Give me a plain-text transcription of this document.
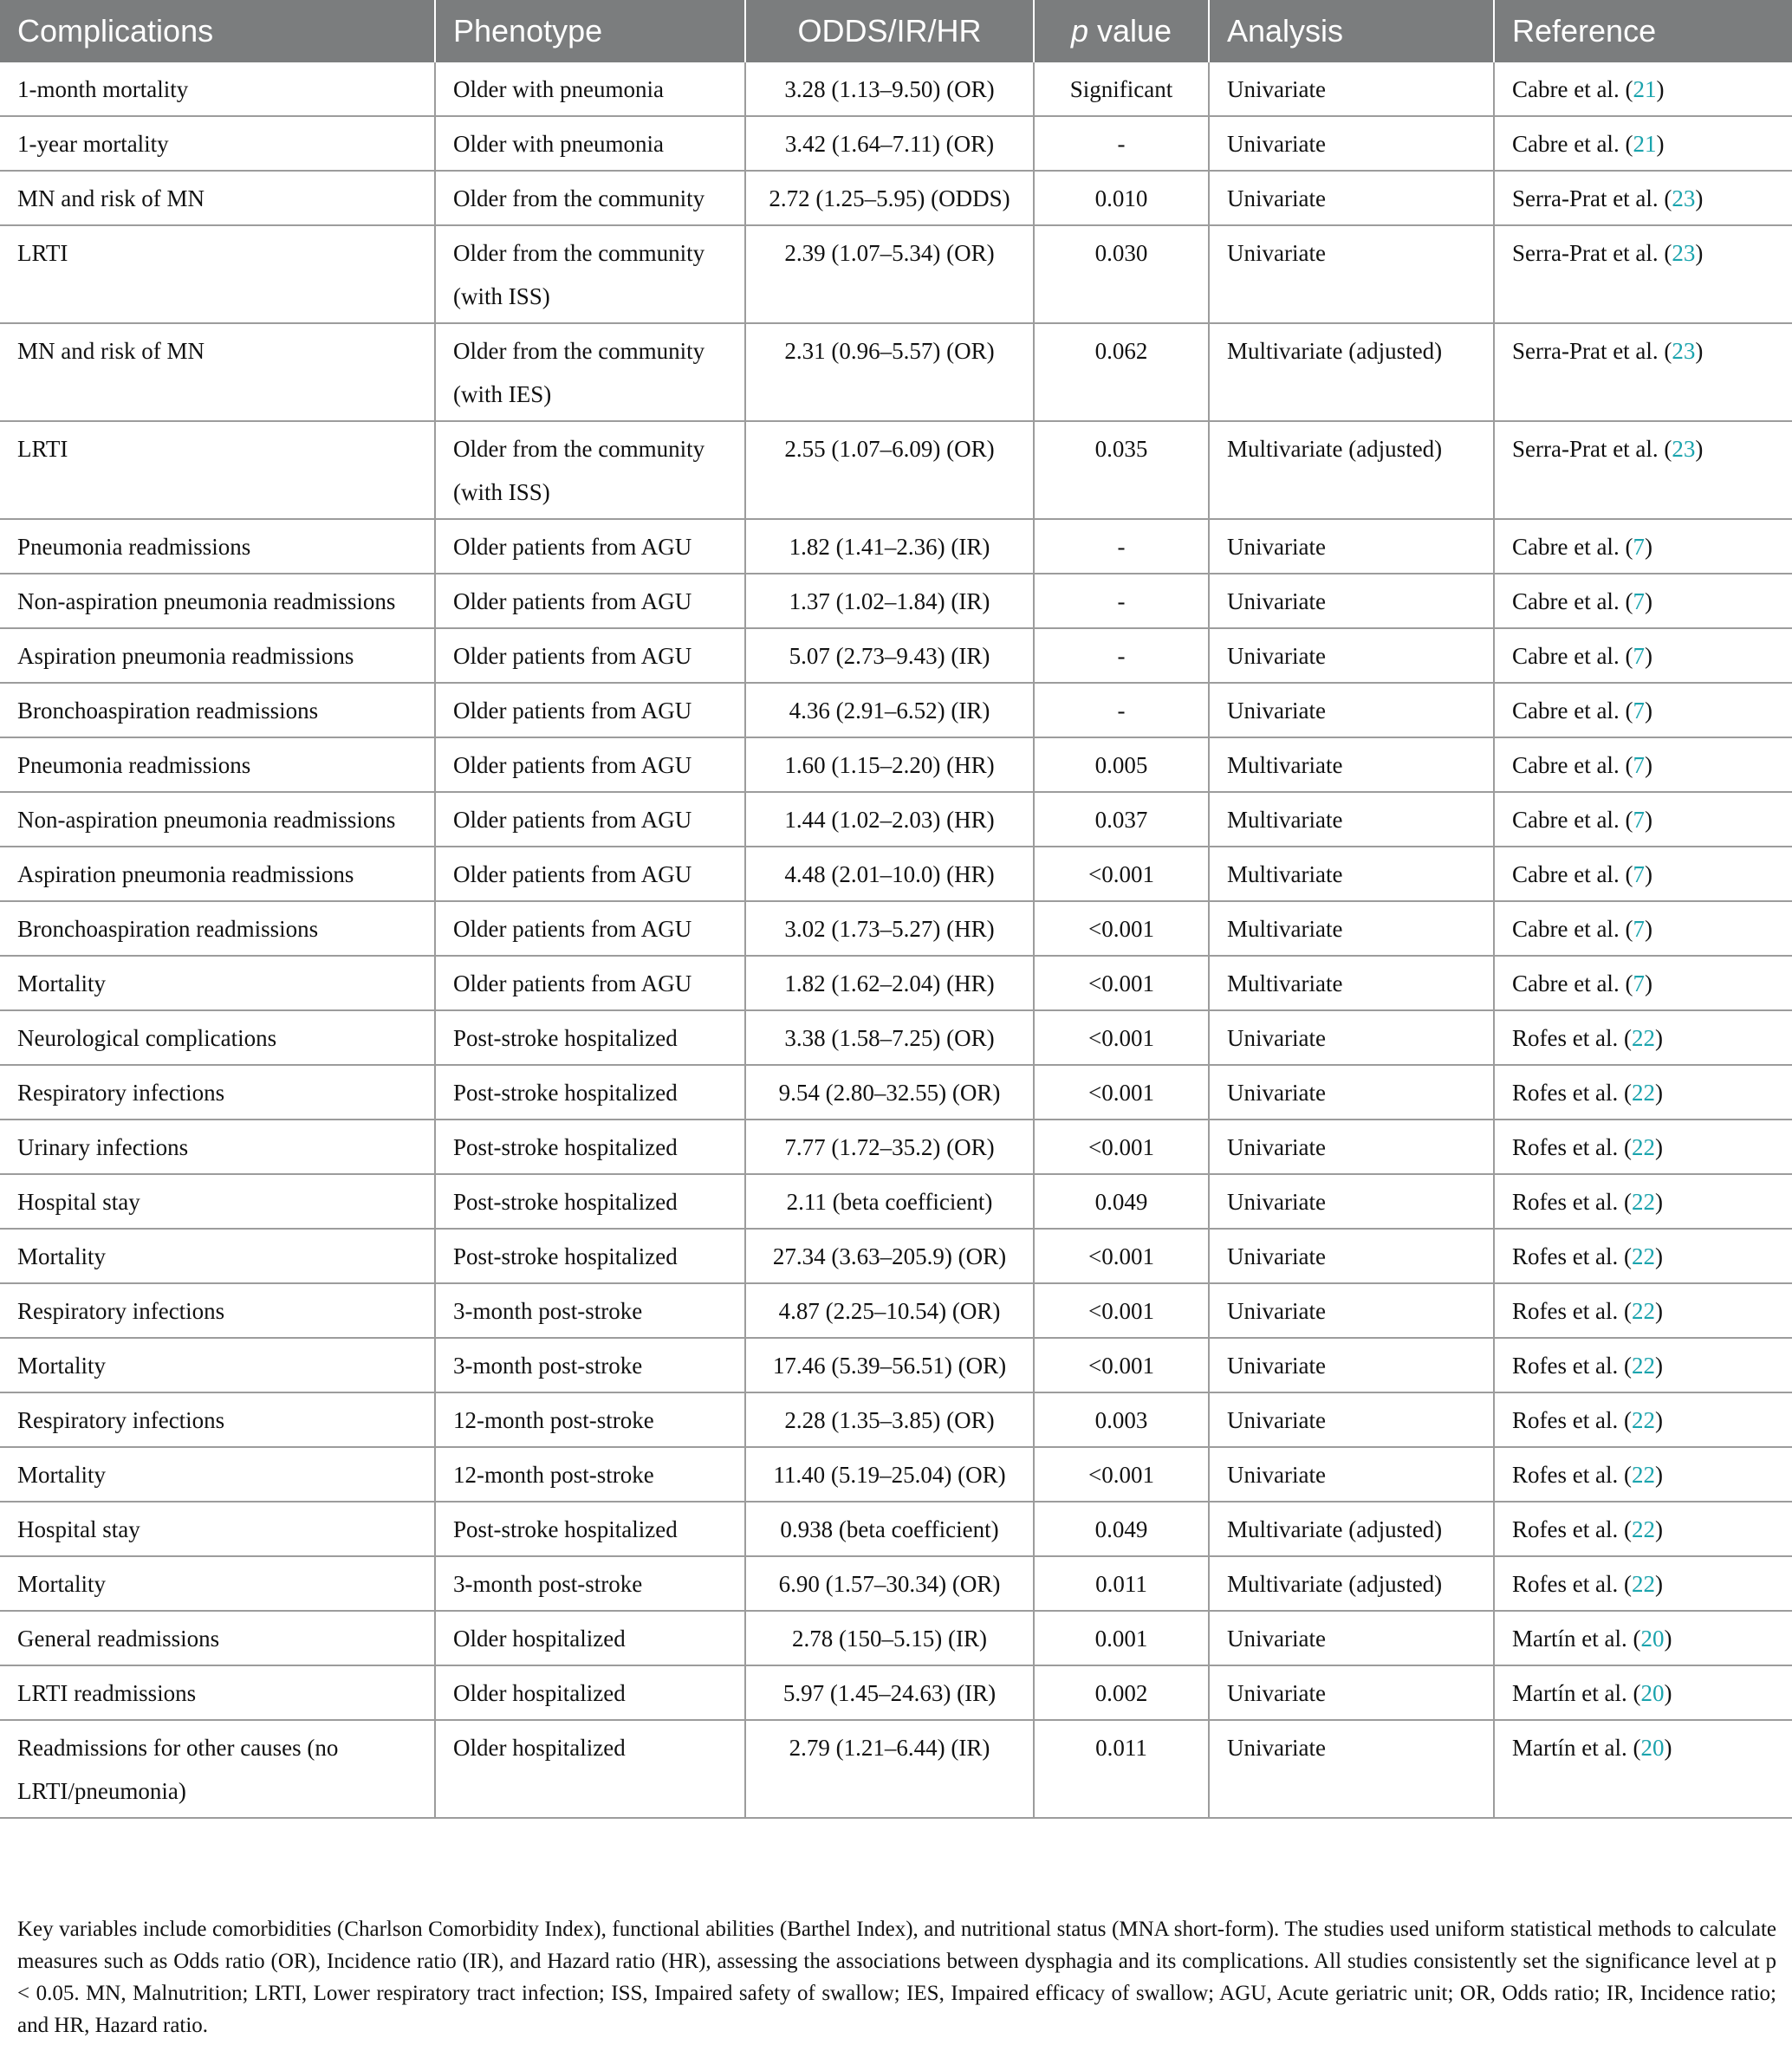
Complications	Phenotype	ODDS/IR/HR	p value	Analysis	Reference
1-month mortality	Older with pneumonia	3.28 (1.13–9.50) (OR)	Significant	Univariate	Cabre et al. (21)
1-year mortality	Older with pneumonia	3.42 (1.64–7.11) (OR)	-	Univariate	Cabre et al. (21)
MN and risk of MN	Older from the community	2.72 (1.25–5.95) (ODDS)	0.010	Univariate	Serra-Prat et al. (23)
LRTI	Older from the community (with ISS)	2.39 (1.07–5.34) (OR)	0.030	Univariate	Serra-Prat et al. (23)
MN and risk of MN	Older from the community (with IES)	2.31 (0.96–5.57) (OR)	0.062	Multivariate (adjusted)	Serra-Prat et al. (23)
LRTI	Older from the community (with ISS)	2.55 (1.07–6.09) (OR)	0.035	Multivariate (adjusted)	Serra-Prat et al. (23)
Pneumonia readmissions	Older patients from AGU	1.82 (1.41–2.36) (IR)	-	Univariate	Cabre et al. (7)
Non-aspiration pneumonia readmissions	Older patients from AGU	1.37 (1.02–1.84) (IR)	-	Univariate	Cabre et al. (7)
Aspiration pneumonia readmissions	Older patients from AGU	5.07 (2.73–9.43) (IR)	-	Univariate	Cabre et al. (7)
Bronchoaspiration readmissions	Older patients from AGU	4.36 (2.91–6.52) (IR)	-	Univariate	Cabre et al. (7)
Pneumonia readmissions	Older patients from AGU	1.60 (1.15–2.20) (HR)	0.005	Multivariate	Cabre et al. (7)
Non-aspiration pneumonia readmissions	Older patients from AGU	1.44 (1.02–2.03) (HR)	0.037	Multivariate	Cabre et al. (7)
Aspiration pneumonia readmissions	Older patients from AGU	4.48 (2.01–10.0) (HR)	<0.001	Multivariate	Cabre et al. (7)
Bronchoaspiration readmissions	Older patients from AGU	3.02 (1.73–5.27) (HR)	<0.001	Multivariate	Cabre et al. (7)
Mortality	Older patients from AGU	1.82 (1.62–2.04) (HR)	<0.001	Multivariate	Cabre et al. (7)
Neurological complications	Post-stroke hospitalized	3.38 (1.58–7.25) (OR)	<0.001	Univariate	Rofes et al. (22)
Respiratory infections	Post-stroke hospitalized	9.54 (2.80–32.55) (OR)	<0.001	Univariate	Rofes et al. (22)
Urinary infections	Post-stroke hospitalized	7.77 (1.72–35.2) (OR)	<0.001	Univariate	Rofes et al. (22)
Hospital stay	Post-stroke hospitalized	2.11 (beta coefficient)	0.049	Univariate	Rofes et al. (22)
Mortality	Post-stroke hospitalized	27.34 (3.63–205.9) (OR)	<0.001	Univariate	Rofes et al. (22)
Respiratory infections	3-month post-stroke	4.87 (2.25–10.54) (OR)	<0.001	Univariate	Rofes et al. (22)
Mortality	3-month post-stroke	17.46 (5.39–56.51) (OR)	<0.001	Univariate	Rofes et al. (22)
Respiratory infections	12-month post-stroke	2.28 (1.35–3.85) (OR)	0.003	Univariate	Rofes et al. (22)
Mortality	12-month post-stroke	11.40 (5.19–25.04) (OR)	<0.001	Univariate	Rofes et al. (22)
Hospital stay	Post-stroke hospitalized	0.938 (beta coefficient)	0.049	Multivariate (adjusted)	Rofes et al. (22)
Mortality	3-month post-stroke	6.90 (1.57–30.34) (OR)	0.011	Multivariate (adjusted)	Rofes et al. (22)
General readmissions	Older hospitalized	2.78 (150–5.15) (IR)	0.001	Univariate	Martín et al. (20)
LRTI readmissions	Older hospitalized	5.97 (1.45–24.63) (IR)	0.002	Univariate	Martín et al. (20)
Readmissions for other causes (no LRTI/pneumonia)	Older hospitalized	2.79 (1.21–6.44) (IR)	0.011	Univariate	Martín et al. (20)
Key variables include comorbidities (Charlson Comorbidity Index), functional abilities (Barthel Index), and nutritional status (MNA short-form). The studies used uniform statistical methods to calculate measures such as Odds ratio (OR), Incidence ratio (IR), and Hazard ratio (HR), assessing the associations between dysphagia and its complications. All studies consistently set the significance level at p < 0.05. MN, Malnutrition; LRTI, Lower respiratory tract infection; ISS, Impaired safety of swallow; IES, Impaired efficacy of swallow; AGU, Acute geriatric unit; OR, Odds ratio; IR, Incidence ratio; and HR, Hazard ratio.
